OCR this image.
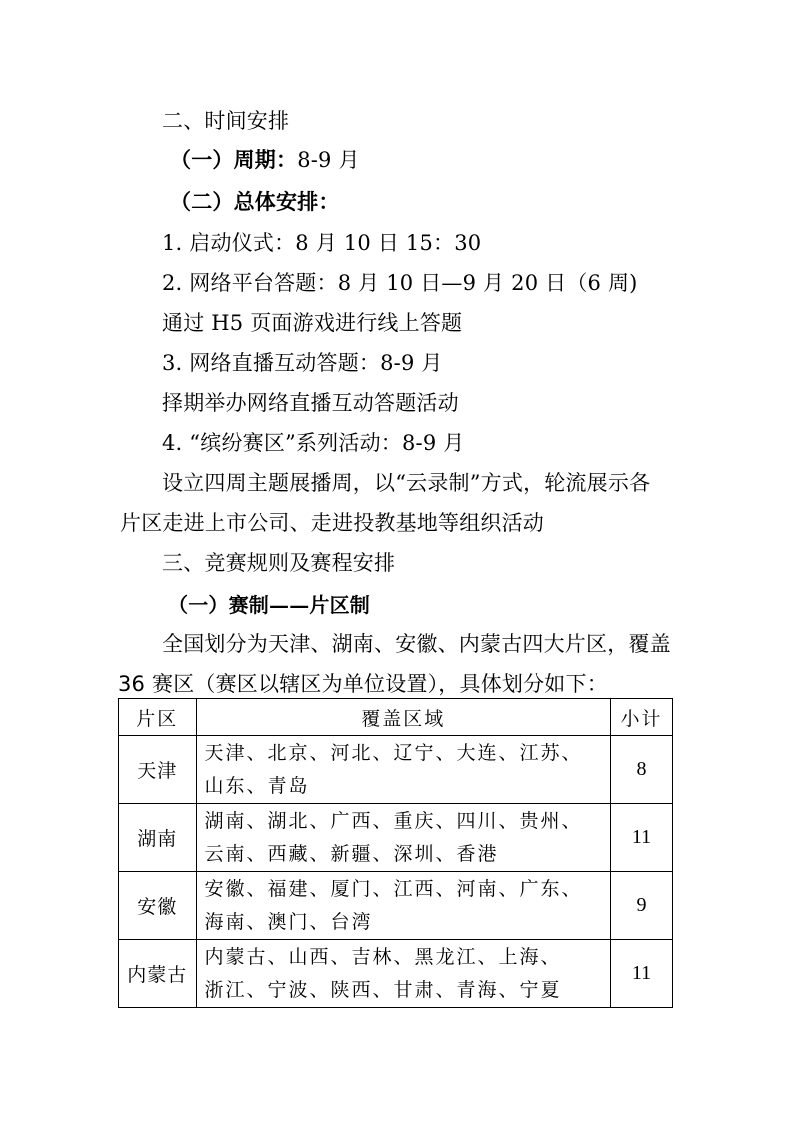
二、时间安排
（一）周期：8-9 月
（二）总体安排：
1. 启动仪式：8 月 10 日 15：30
2. 网络平台答题：8 月 10 日—9 月 20 日（6 周)
通过 H5 页面游戏进行线上答题
3. 网络直播互动答题：8-9 月
择期举办网络直播互动答题活动
4. “缤纷赛区”系列活动：8-9 月
设立四周主题展播周，以“云录制”方式，轮流展示各
片区走进上市公司、走进投教基地等组织活动
三、竞赛规则及赛程安排
（一）赛制——片区制
全国划分为天津、湖南、安徽、内蒙古四大片区，覆盖
36 赛区（赛区以辖区为单位设置），具体划分如下：
片区	覆盖区域	小计
天津	天津、北京、河北、辽宁、大连、江苏、
山东、青岛	8
湖南	湖南、湖北、广西、重庆、四川、贵州、
云南、西藏、新疆、深圳、香港	11
安徽	安徽、福建、厦门、江西、河南、广东、
海南、澳门、台湾	9
内蒙古	内蒙古、山西、吉林、黑龙江、上海、
浙江、宁波、陕西、甘肃、青海、宁夏	11
